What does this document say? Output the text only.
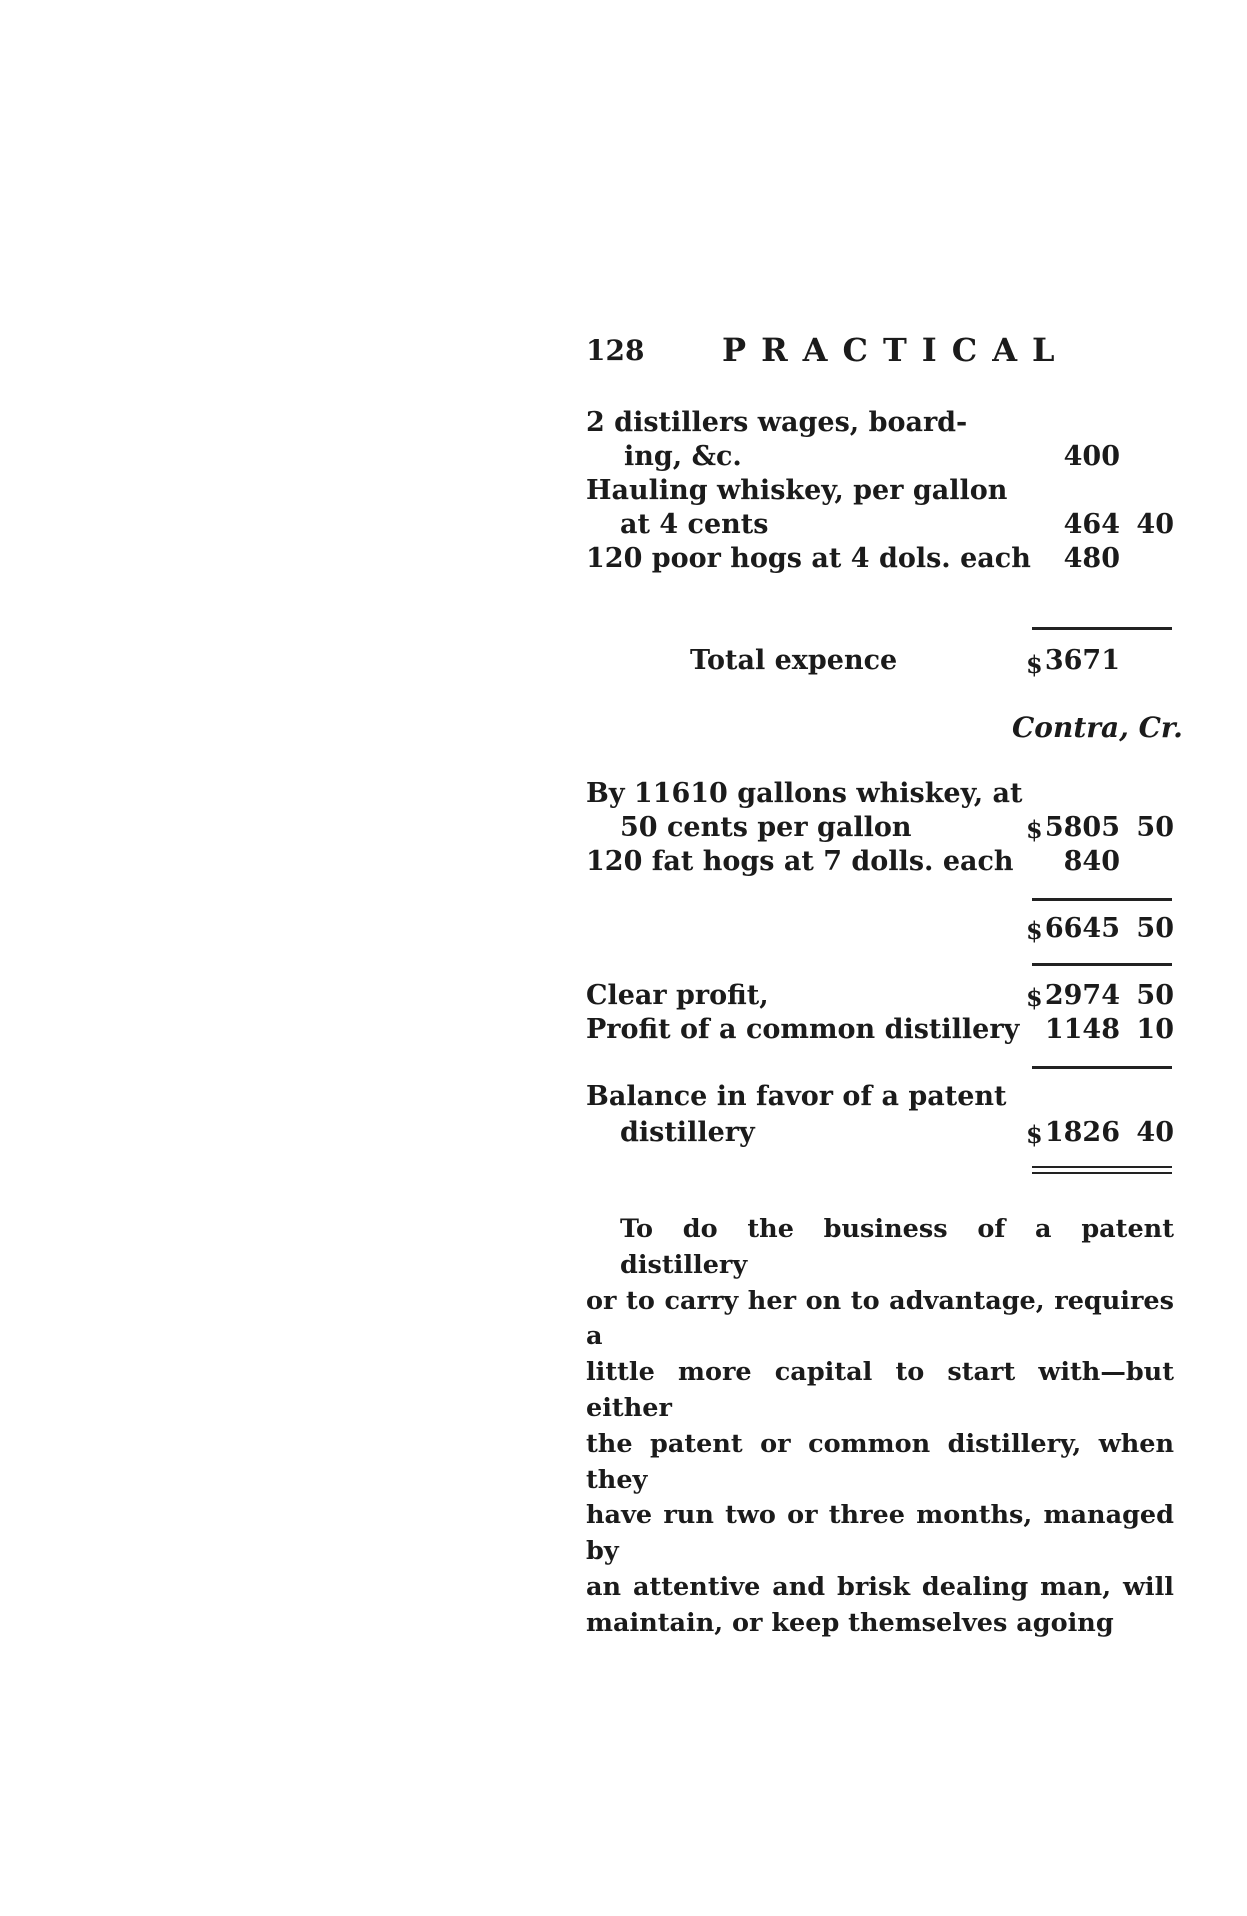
128 PRACTICAL
2 distillers wages, board-
ing, &c.	400
Hauling whiskey, per gallon
at 4 cents	464 40
120 poor hogs at 4 dols. each	480
Total expence	$ 3671
Contra, Cr.
By 11610 gallons whiskey, at
50 cents per gallon	$ 5805 50
120 fat hogs at 7 dolls. each	840
$ 6645 50
Clear profit,	$ 2974 50
Profit of a common distillery 1148 10
Balance in favor of a patent
distillery	$ 1826 40
To do the business of a patent distillery
or to carry her on to advantage, requires a
little more capital to start with—but either
the patent or common distillery, when they
have run two or three months, managed by
an attentive and brisk dealing man, will
maintain, or keep themselves agoing
